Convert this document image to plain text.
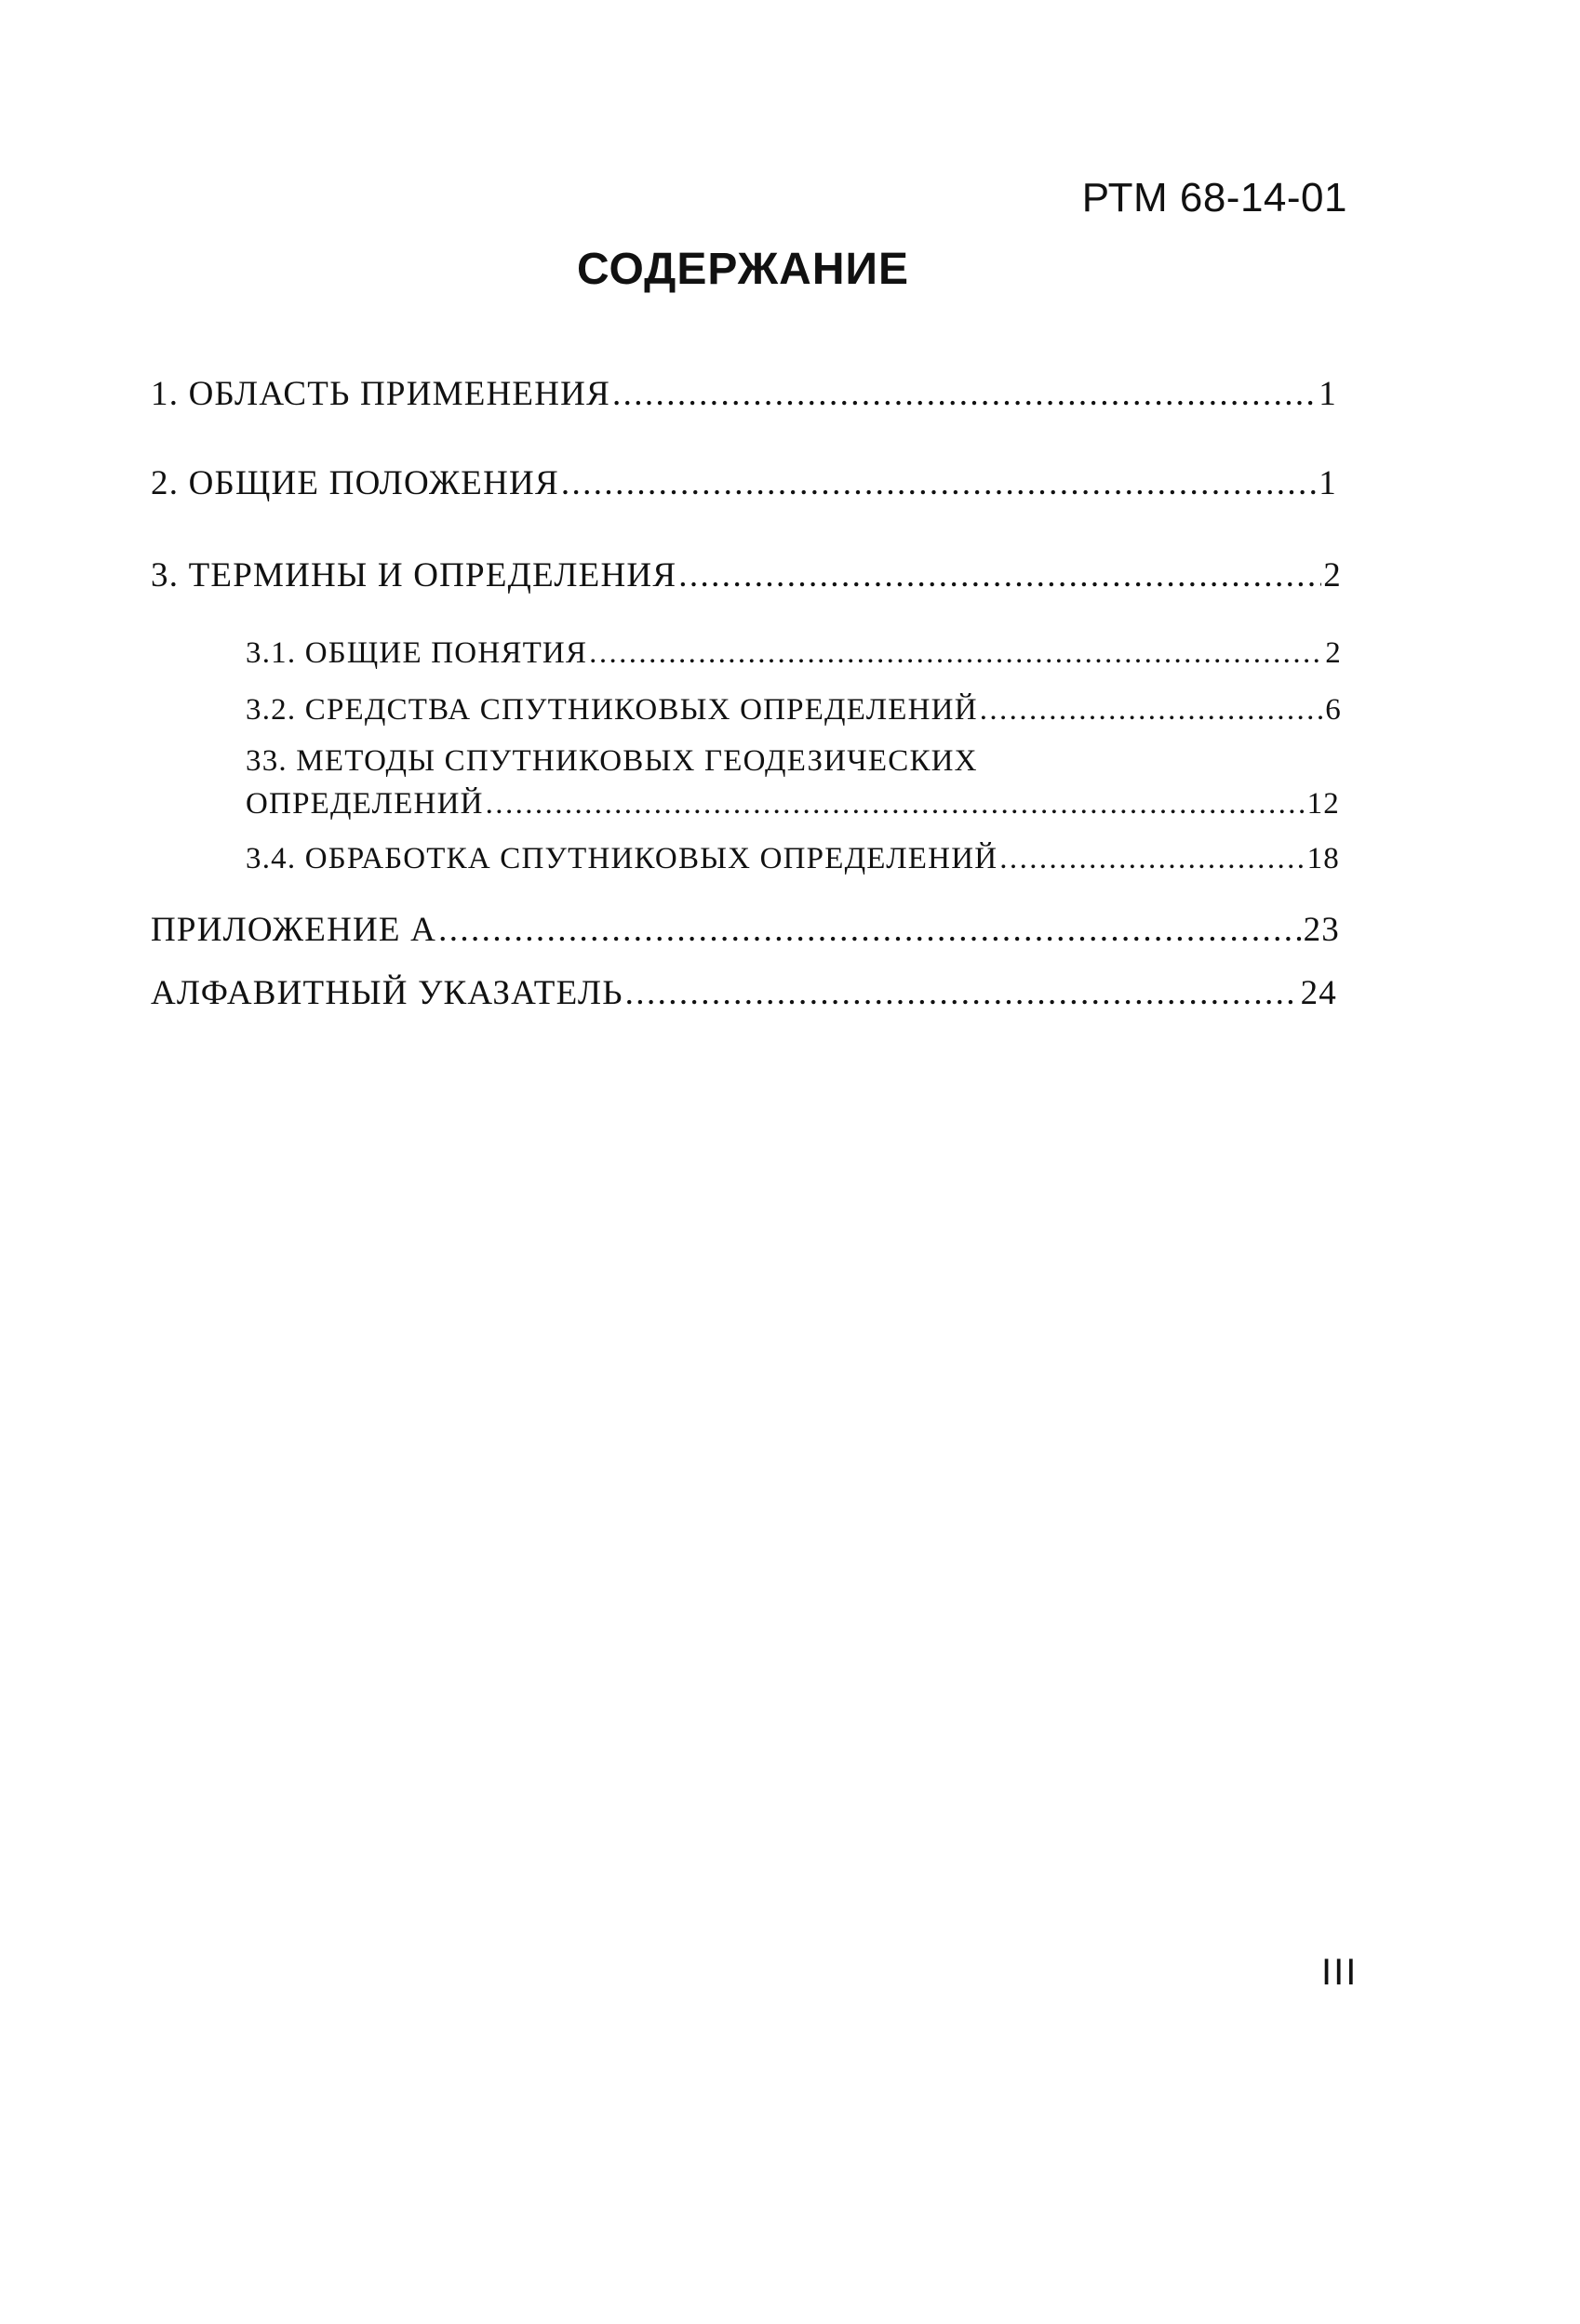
РТМ 68-14-01
СОДЕРЖАНИЕ
1. ОБЛАСТЬ ПРИМЕНЕНИЯ .....	1
2. ОБЩИЕ ПОЛОЖЕНИЯ .....	1
3. ТЕРМИНЫ И ОПРЕДЕЛЕНИЯ .....	2
3.1. ОБЩИЕ ПОНЯТИЯ .....	2
3.2. СРЕДСТВА СПУТНИКОВЫХ ОПРЕДЕЛЕНИЙ .....	6
33. МЕТОДЫ СПУТНИКОВЫХ ГЕОДЕЗИЧЕСКИХ
ОПРЕДЕЛЕНИЙ .....	12
3.4. ОБРАБОТКА СПУТНИКОВЫХ ОПРЕДЕЛЕНИЙ .....	18
ПРИЛОЖЕНИЕ А .....	23
АЛФАВИТНЫЙ УКАЗАТЕЛЬ .....	24
III
